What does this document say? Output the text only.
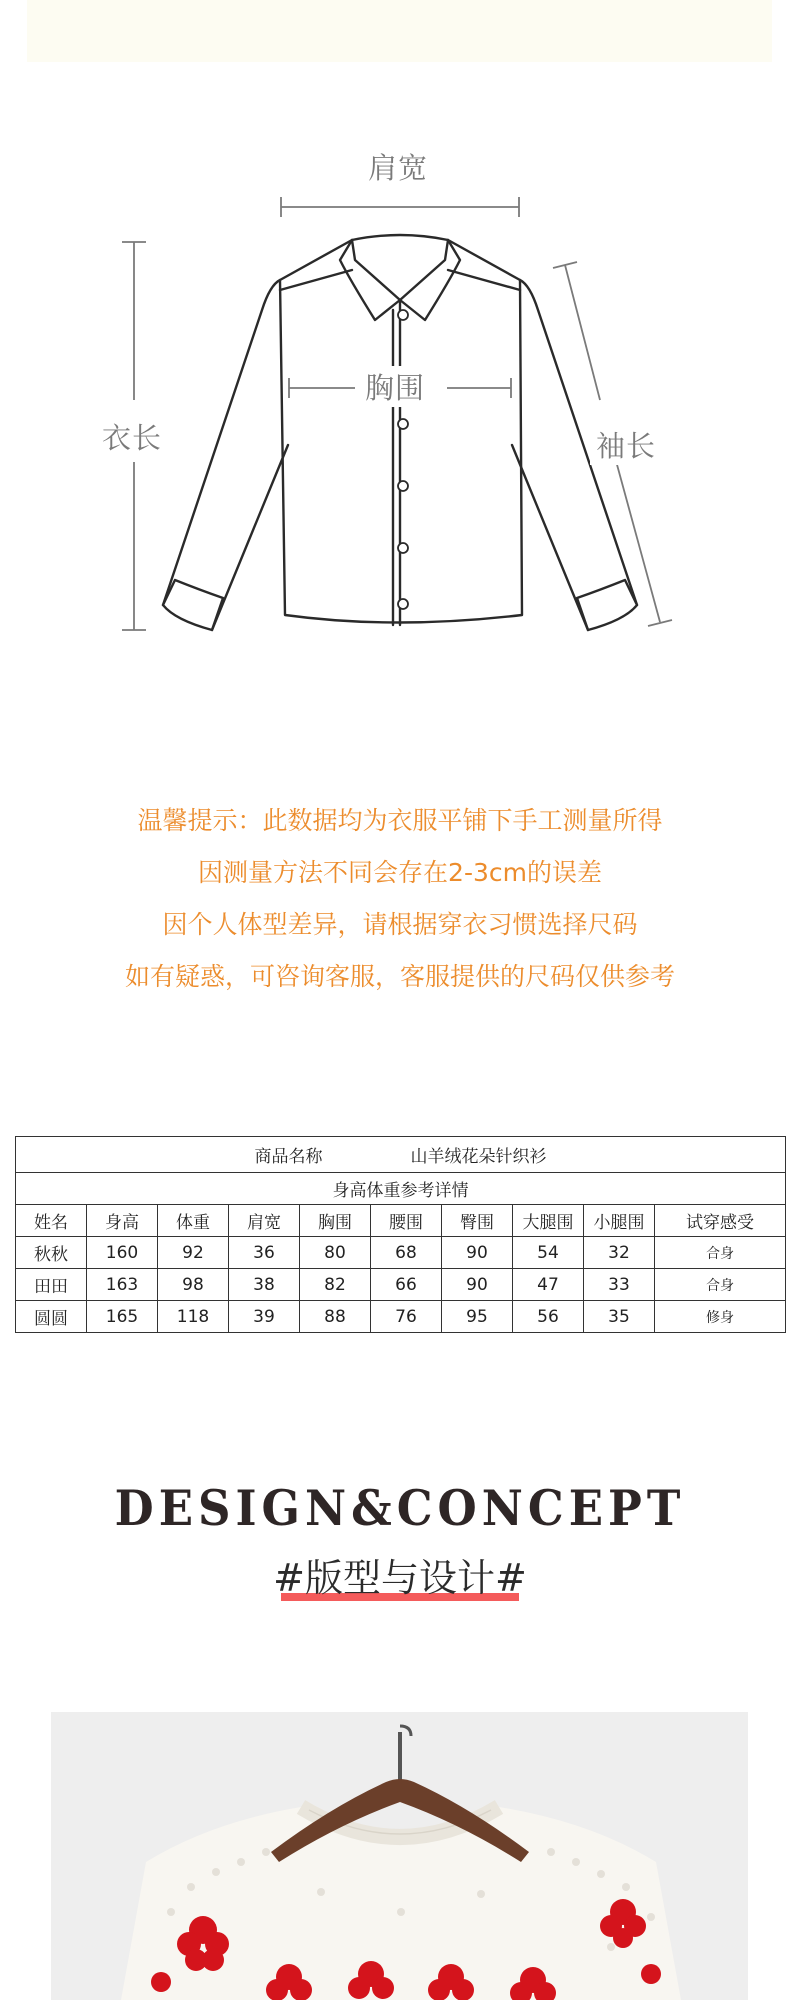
肩宽
胸围
衣长	袖长
温馨提示：此数据均为衣服平铺下手工测量所得
因测量方法不同会存在2-3cm的误差
因个人体型差异，请根据穿衣习惯选择尺码
如有疑惑，可咨询客服，客服提供的尺码仅供参考
商品名称 山羊绒花朵针织衫									
身高体重参考详情									
姓名	身高	体重	肩宽	胸围	腰围	臀围	大腿围	小腿围	试穿感受
秋秋	160	92	36	80	68	90	54	32	合身
田田	163	98	38	82	66	90	47	33	合身
圆圆	165	118	39	88	76	95	56	35	修身
DESIGN&CONCEPT
#版型与设计#
